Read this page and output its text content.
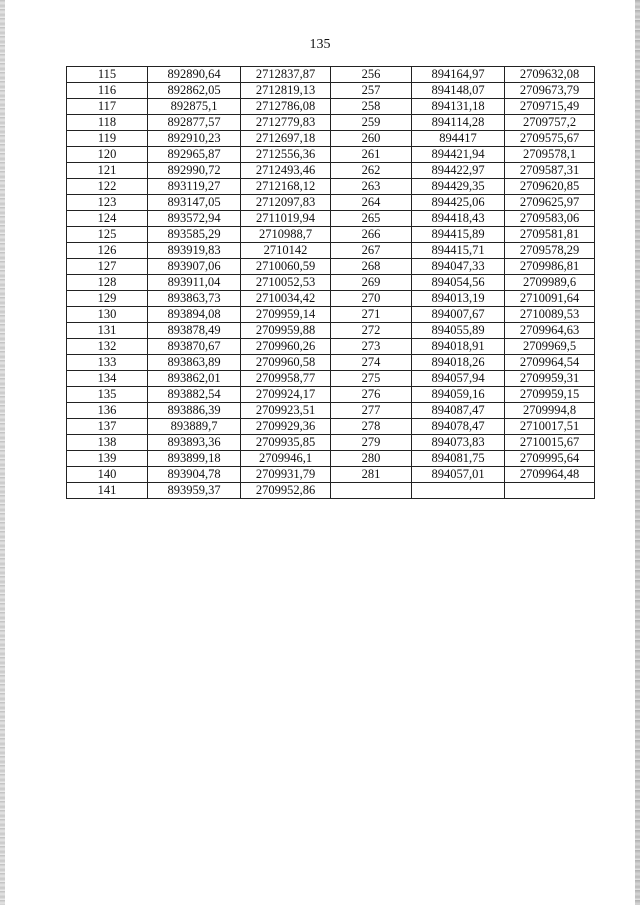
135
115	892890,64	2712837,87	256	894164,97	2709632,08
116	892862,05	2712819,13	257	894148,07	2709673,79
117	892875,1	2712786,08	258	894131,18	2709715,49
118	892877,57	2712779,83	259	894114,28	2709757,2
119	892910,23	2712697,18	260	894417	2709575,67
120	892965,87	2712556,36	261	894421,94	2709578,1
121	892990,72	2712493,46	262	894422,97	2709587,31
122	893119,27	2712168,12	263	894429,35	2709620,85
123	893147,05	2712097,83	264	894425,06	2709625,97
124	893572,94	2711019,94	265	894418,43	2709583,06
125	893585,29	2710988,7	266	894415,89	2709581,81
126	893919,83	2710142	267	894415,71	2709578,29
127	893907,06	2710060,59	268	894047,33	2709986,81
128	893911,04	2710052,53	269	894054,56	2709989,6
129	893863,73	2710034,42	270	894013,19	2710091,64
130	893894,08	2709959,14	271	894007,67	2710089,53
131	893878,49	2709959,88	272	894055,89	2709964,63
132	893870,67	2709960,26	273	894018,91	2709969,5
133	893863,89	2709960,58	274	894018,26	2709964,54
134	893862,01	2709958,77	275	894057,94	2709959,31
135	893882,54	2709924,17	276	894059,16	2709959,15
136	893886,39	2709923,51	277	894087,47	2709994,8
137	893889,7	2709929,36	278	894078,47	2710017,51
138	893893,36	2709935,85	279	894073,83	2710015,67
139	893899,18	2709946,1	280	894081,75	2709995,64
140	893904,78	2709931,79	281	894057,01	2709964,48
141	893959,37	2709952,86			
